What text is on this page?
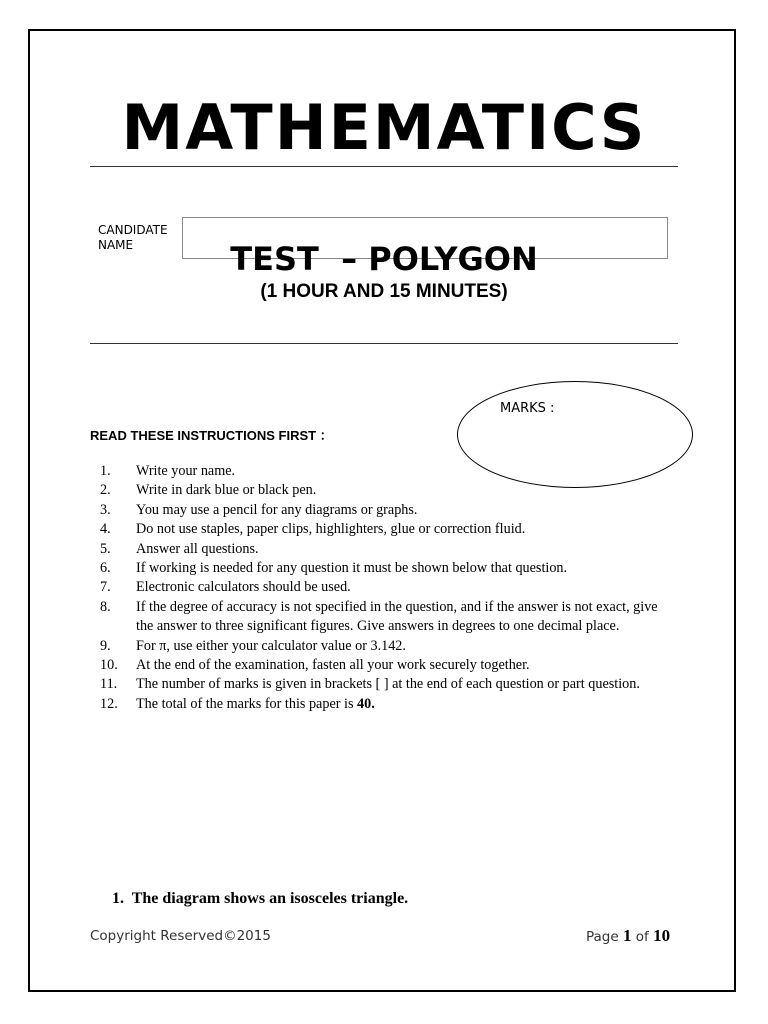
MATHEMATICS
CANDIDATE
NAME	TEST  – POLYGON
(1 HOUR AND 15 MINUTES)
MARKS :
READ THESE INSTRUCTIONS FIRST ：
1. Write your name.
2. Write in dark blue or black pen.
3. You may use a pencil for any diagrams or graphs.
4. Do not use staples, paper clips, highlighters, glue or correction fluid.
5. Answer all questions.
6. If working is needed for any question it must be shown below that question.
7. Electronic calculators should be used.
8. If the degree of accuracy is not specified in the question, and if the answer is not exact, give the answer to three significant figures. Give answers in degrees to one decimal place.
9. For π, use either your calculator value or 3.142.
10. At the end of the examination, fasten all your work securely together.
11. The number of marks is given in brackets [ ] at the end of each question or part question.
12. The total of the marks for this paper is 40.
1. The diagram shows an isosceles triangle.
Copyright Reserved©2015	Page 1 of 10
